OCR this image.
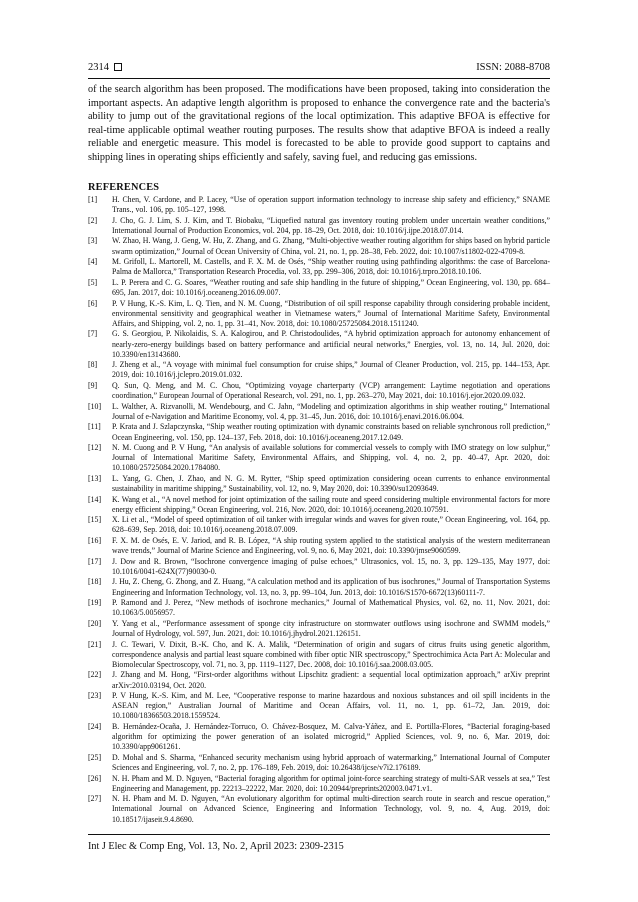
2314	ISSN: 2088-8708

of the search algorithm has been proposed. The modifications have been proposed, taking into consideration the important aspects. An adaptive length algorithm is proposed to enhance the convergence rate and the bacteria's ability to jump out of the gravitational regions of the local optimization. This adaptive BFOA is effective for real-time applicable optimal weather routing purposes. The results show that adaptive BFOA is indeed a really reliable and energetic measure. This model is forecasted to be able to provide good support to captains and shipping lines in operating ships efficiently and safely, saving fuel, and reducing gas emissions.

REFERENCES
[1] H. Chen, V. Cardone, and P. Lacey, “Use of operation support information technology to increase ship safety and efficiency,” SNAME Trans., vol. 106, pp. 105–127, 1998.
[2] J. Cho, G. J. Lim, S. J. Kim, and T. Biobaku, “Liquefied natural gas inventory routing problem under uncertain weather conditions,” International Journal of Production Economics, vol. 204, pp. 18–29, Oct. 2018, doi: 10.1016/j.ijpe.2018.07.014.
[3] W. Zhao, H. Wang, J. Geng, W. Hu, Z. Zhang, and G. Zhang, “Multi-objective weather routing algorithm for ships based on hybrid particle swarm optimization,” Journal of Ocean University of China, vol. 21, no. 1, pp. 28–38, Feb. 2022, doi: 10.1007/s11802-022-4709-8.
[4] M. Grifoll, L. Martorell, M. Castells, and F. X. M. de Osés, “Ship weather routing using pathfinding algorithms: the case of Barcelona-Palma de Mallorca,” Transportation Research Procedia, vol. 33, pp. 299–306, 2018, doi: 10.1016/j.trpro.2018.10.106.
[5] L. P. Perera and C. G. Soares, “Weather routing and safe ship handling in the future of shipping,” Ocean Engineering, vol. 130, pp. 684–695, Jan. 2017, doi: 10.1016/j.oceaneng.2016.09.007.
[6] P. V Hung, K.-S. Kim, L. Q. Tien, and N. M. Cuong, “Distribution of oil spill response capability through considering probable incident, environmental sensitivity and geographical weather in Vietnamese waters,” Journal of International Maritime Safety, Environmental Affairs, and Shipping, vol. 2, no. 1, pp. 31–41, Nov. 2018, doi: 10.1080/25725084.2018.1511240.
[7] G. S. Georgiou, P. Nikolaidis, S. A. Kalogirou, and P. Christodoulides, “A hybrid optimization approach for autonomy enhancement of nearly-zero-energy buildings based on battery performance and artificial neural networks,” Energies, vol. 13, no. 14, Jul. 2020, doi: 10.3390/en13143680.
[8] J. Zheng et al., “A voyage with minimal fuel consumption for cruise ships,” Journal of Cleaner Production, vol. 215, pp. 144–153, Apr. 2019, doi: 10.1016/j.jclepro.2019.01.032.
[9] Q. Sun, Q. Meng, and M. C. Chou, “Optimizing voyage charterparty (VCP) arrangement: Laytime negotiation and operations coordination,” European Journal of Operational Research, vol. 291, no. 1, pp. 263–270, May 2021, doi: 10.1016/j.ejor.2020.09.032.
[10] L. Walther, A. Rizvanolli, M. Wendebourg, and C. Jahn, “Modeling and optimization algorithms in ship weather routing,” International Journal of e-Navigation and Maritime Economy, vol. 4, pp. 31–45, Jun. 2016, doi: 10.1016/j.enavi.2016.06.004.
[11] P. Krata and J. Szlapczynska, “Ship weather routing optimization with dynamic constraints based on reliable synchronous roll prediction,” Ocean Engineering, vol. 150, pp. 124–137, Feb. 2018, doi: 10.1016/j.oceaneng.2017.12.049.
[12] N. M. Cuong and P. V Hung, “An analysis of available solutions for commercial vessels to comply with IMO strategy on low sulphur,” Journal of International Maritime Safety, Environmental Affairs, and Shipping, vol. 4, no. 2, pp. 40–47, Apr. 2020, doi: 10.1080/25725084.2020.1784080.
[13] L. Yang, G. Chen, J. Zhao, and N. G. M. Rytter, “Ship speed optimization considering ocean currents to enhance environmental sustainability in maritime shipping,” Sustainability, vol. 12, no. 9, May 2020, doi: 10.3390/su12093649.
[14] K. Wang et al., “A novel method for joint optimization of the sailing route and speed considering multiple environmental factors for more energy efficient shipping,” Ocean Engineering, vol. 216, Nov. 2020, doi: 10.1016/j.oceaneng.2020.107591.
[15] X. Li et al., “Model of speed optimization of oil tanker with irregular winds and waves for given route,” Ocean Engineering, vol. 164, pp. 628–639, Sep. 2018, doi: 10.1016/j.oceaneng.2018.07.009.
[16] F. X. M. de Osés, E. V. Jariod, and R. B. López, “A ship routing system applied to the statistical analysis of the western mediterranean wave trends,” Journal of Marine Science and Engineering, vol. 9, no. 6, May 2021, doi: 10.3390/jmse9060599.
[17] J. Dow and R. Brown, “Isochrone convergence imaging of pulse echoes,” Ultrasonics, vol. 15, no. 3, pp. 129–135, May 1977, doi: 10.1016/0041-624X(77)90030-0.
[18] J. Hu, Z. Cheng, G. Zhong, and Z. Huang, “A calculation method and its application of bus isochrones,” Journal of Transportation Systems Engineering and Information Technology, vol. 13, no. 3, pp. 99–104, Jun. 2013, doi: 10.1016/S1570-6672(13)60111-7.
[19] P. Ramond and J. Perez, “New methods of isochrone mechanics,” Journal of Mathematical Physics, vol. 62, no. 11, Nov. 2021, doi: 10.1063/5.0056957.
[20] Y. Yang et al., “Performance assessment of sponge city infrastructure on stormwater outflows using isochrone and SWMM models,” Journal of Hydrology, vol. 597, Jun. 2021, doi: 10.1016/j.jhydrol.2021.126151.
[21] J. C. Tewari, V. Dixit, B.-K. Cho, and K. A. Malik, “Determination of origin and sugars of citrus fruits using genetic algorithm, correspondence analysis and partial least square combined with fiber optic NIR spectroscopy,” Spectrochimica Acta Part A: Molecular and Biomolecular Spectroscopy, vol. 71, no. 3, pp. 1119–1127, Dec. 2008, doi: 10.1016/j.saa.2008.03.005.
[22] J. Zhang and M. Hong, “First-order algorithms without Lipschitz gradient: a sequential local optimization approach,” arXiv preprint arXiv:2010.03194, Oct. 2020.
[23] P. V Hung, K.-S. Kim, and M. Lee, “Cooperative response to marine hazardous and noxious substances and oil spill incidents in the ASEAN region,” Australian Journal of Maritime and Ocean Affairs, vol. 11, no. 1, pp. 61–72, Jan. 2019, doi: 10.1080/18366503.2018.1559524.
[24] B. Hernández-Ocaña, J. Hernández-Torruco, O. Chávez-Bosquez, M. Calva-Yáñez, and E. Portilla-Flores, “Bacterial foraging-based algorithm for optimizing the power generation of an isolated microgrid,” Applied Sciences, vol. 9, no. 6, Mar. 2019, doi: 10.3390/app9061261.
[25] D. Mohal and S. Sharma, “Enhanced security mechanism using hybrid approach of watermarking,” International Journal of Computer Sciences and Engineering, vol. 7, no. 2, pp. 176–189, Feb. 2019, doi: 10.26438/ijcse/v7i2.176189.
[26] N. H. Pham and M. D. Nguyen, “Bacterial foraging algorithm for optimal joint-force searching strategy of multi-SAR vessels at sea,” Test Engineering and Management, pp. 22213–22222, Mar. 2020, doi: 10.20944/preprints202003.0471.v1.
[27] N. H. Pham and M. D. Nguyen, “An evolutionary algorithm for optimal multi-direction search route in search and rescue operation,” International Journal on Advanced Science, Engineering and Information Technology, vol. 9, no. 4, Aug. 2019, doi: 10.18517/ijaseit.9.4.8690.
Int J Elec & Comp Eng, Vol. 13, No. 2, April 2023: 2309-2315
